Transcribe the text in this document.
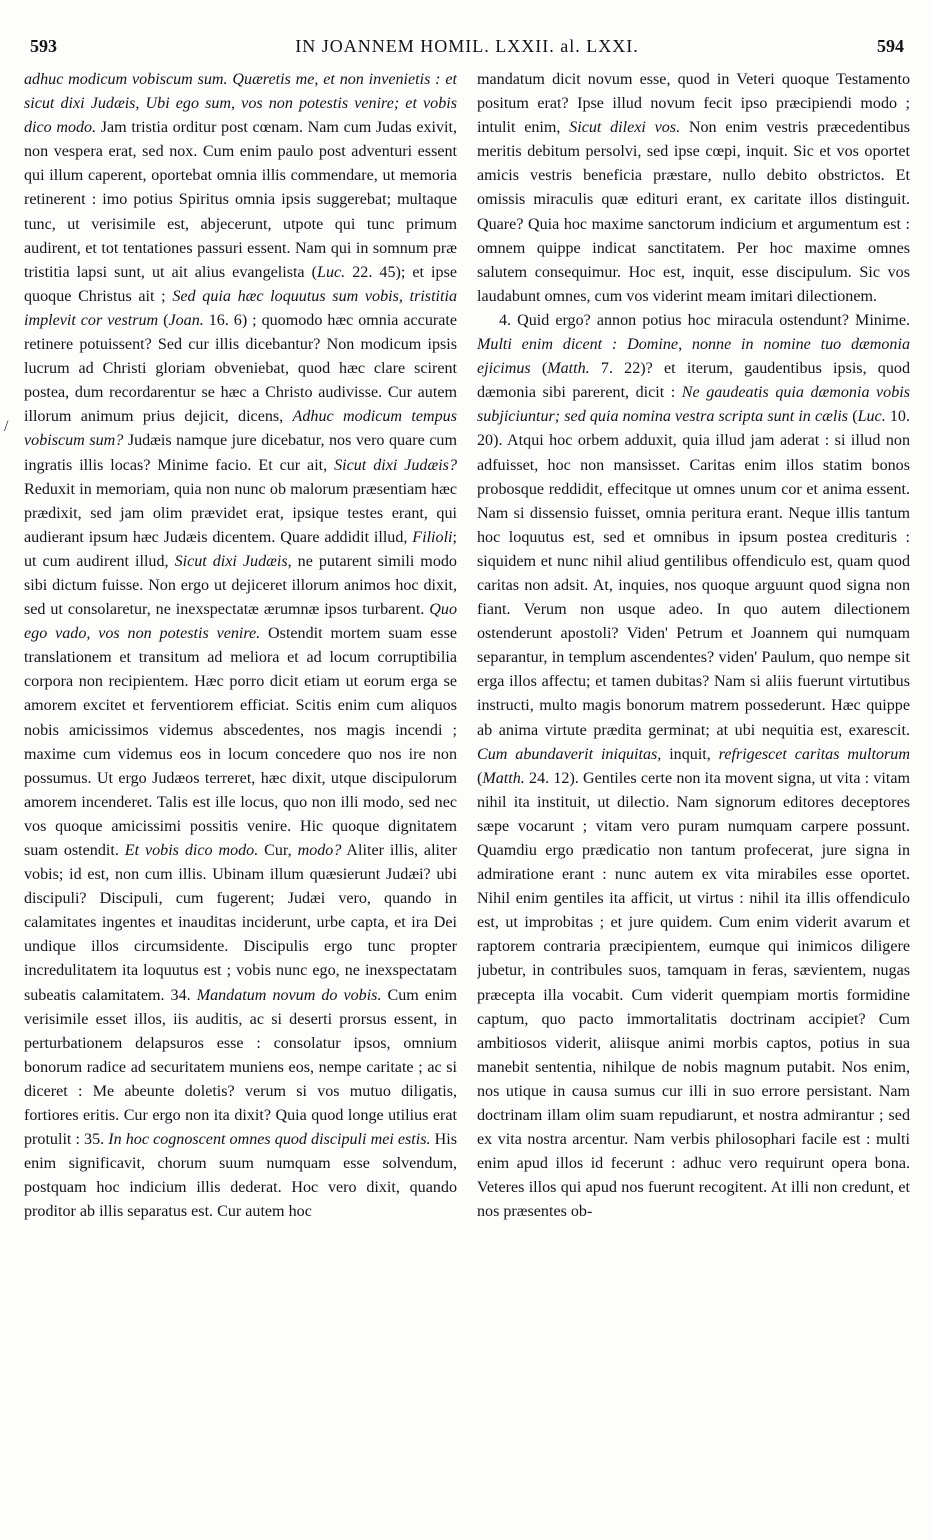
593	IN JOANNEM HOMIL. LXXII. al. LXXI.	594
/

adhuc modicum vobiscum sum. Quæretis me, et non invenietis : et sicut dixi Judæis, Ubi ego sum, vos non potestis venire; et vobis dico modo. Jam tristia orditur post cœnam. Nam cum Judas exivit, non vespera erat, sed nox. Cum enim paulo post adventuri essent qui illum caperent, oportebat omnia illis commendare, ut memoria retinerent : imo potius Spiritus omnia ipsis suggerebat; multaque tunc, ut verisimile est, abjecerunt, utpote qui tunc primum audirent, et tot tentationes passuri essent. Nam qui in somnum præ tristitia lapsi sunt, ut ait alius evangelista (Luc. 22. 45); et ipse quoque Christus ait ; Sed quia hæc loquutus sum vobis, tristitia implevit cor vestrum (Joan. 16. 6) ; quomodo hæc omnia accurate retinere potuissent? Sed cur illis dicebantur? Non modicum ipsis lucrum ad Christi gloriam obveniebat, quod hæc clare scirent postea, dum recordarentur se hæc a Christo audivisse. Cur autem illorum animum prius dejicit, dicens, Adhuc modicum tempus vobiscum sum? Judæis namque jure dicebatur, nos vero quare cum ingratis illis locas? Minime facio. Et cur ait, Sicut dixi Judæis? Reduxit in memoriam, quia non nunc ob malorum præsentiam hæc prædixit, sed jam olim prævidet erat, ipsique testes erant, qui audierant ipsum hæc Judæis dicentem. Quare addidit illud, Filioli; ut cum audirent illud, Sicut dixi Judæis, ne putarent simili modo sibi dictum fuisse. Non ergo ut dejiceret illorum animos hoc dixit, sed ut consolaretur, ne inexspectatæ ærumnæ ipsos turbarent. Quo ego vado, vos non potestis venire. Ostendit mortem suam esse translationem et transitum ad meliora et ad locum corruptibilia corpora non recipientem. Hæc porro dicit etiam ut eorum erga se amorem excitet et ferventiorem efficiat. Scitis enim cum aliquos nobis amicissimos videmus abscedentes, nos magis incendi ; maxime cum videmus eos in locum concedere quo nos ire non possumus. Ut ergo Judæos terreret, hæc dixit, utque discipulorum amorem incenderet. Talis est ille locus, quo non illi modo, sed nec vos quoque amicissimi possitis venire. Hic quoque dignitatem suam ostendit. Et vobis dico modo. Cur, modo? Aliter illis, aliter vobis; id est, non cum illis. Ubinam illum quæsierunt Judæi? ubi discipuli? Discipuli, cum fugerent; Judæi vero, quando in calamitates ingentes et inauditas inciderunt, urbe capta, et ira Dei undique illos circumsidente. Discipulis ergo tunc propter incredulitatem ita loquutus est ; vobis nunc ego, ne inexspectatam subeatis calamitatem. 34. Mandatum novum do vobis. Cum enim verisimile esset illos, iis auditis, ac si deserti prorsus essent, in perturbationem delapsuros esse : consolatur ipsos, omnium bonorum radice ad securitatem muniens eos, nempe caritate ; ac si diceret : Me abeunte doletis? verum si vos mutuo diligatis, fortiores eritis. Cur ergo non ita dixit? Quia quod longe utilius erat protulit : 35. In hoc cognoscent omnes quod discipuli mei estis. His enim significavit, chorum suum numquam esse solvendum, postquam hoc indicium illis dederat. Hoc vero dixit, quando proditor ab illis separatus est. Cur autem hoc

mandatum dicit novum esse, quod in Veteri quoque Testamento positum erat? Ipse illud novum fecit ipso præcipiendi modo ; intulit enim, Sicut dilexi vos. Non enim vestris præcedentibus meritis debitum persolvi, sed ipse cœpi, inquit. Sic et vos oportet amicis vestris beneficia præstare, nullo debito obstrictos. Et omissis miraculis quæ edituri erant, ex caritate illos distinguit. Quare? Quia hoc maxime sanctorum indicium et argumentum est : omnem quippe indicat sanctitatem. Per hoc maxime omnes salutem consequimur. Hoc est, inquit, esse discipulum. Sic vos laudabunt omnes, cum vos viderint meam imitari dilectionem.

4. Quid ergo? annon potius hoc miracula ostendunt? Minime. Multi enim dicent : Domine, nonne in nomine tuo dæmonia ejicimus (Matth. 7. 22)? et iterum, gaudentibus ipsis, quod dæmonia sibi parerent, dicit : Ne gaudeatis quia dæmonia vobis subjiciuntur; sed quia nomina vestra scripta sunt in cælis (Luc. 10. 20). Atqui hoc orbem adduxit, quia illud jam aderat : si illud non adfuisset, hoc non mansisset. Caritas enim illos statim bonos probosque reddidit, effecitque ut omnes unum cor et anima essent. Nam si dissensio fuisset, omnia peritura erant. Neque illis tantum hoc loquutus est, sed et omnibus in ipsum postea credituris : siquidem et nunc nihil aliud gentilibus offendiculo est, quam quod caritas non adsit. At, inquies, nos quoque arguunt quod signa non fiant. Verum non usque adeo. In quo autem dilectionem ostenderunt apostoli? Viden' Petrum et Joannem qui numquam separantur, in templum ascendentes? viden' Paulum, quo nempe sit erga illos affectu; et tamen dubitas? Nam si aliis fuerunt virtutibus instructi, multo magis bonorum matrem possederunt. Hæc quippe ab anima virtute prædita germinat; at ubi nequitia est, exarescit. Cum abundaverit iniquitas, inquit, refrigescet caritas multorum (Matth. 24. 12). Gentiles certe non ita movent signa, ut vita : vitam nihil ita instituit, ut dilectio. Nam signorum editores deceptores sæpe vocarunt ; vitam vero puram numquam carpere possunt. Quamdiu ergo prædicatio non tantum profecerat, jure signa in admiratione erant : nunc autem ex vita mirabiles esse oportet. Nihil enim gentiles ita afficit, ut virtus : nihil ita illis offendiculo est, ut improbitas ; et jure quidem. Cum enim viderit avarum et raptorem contraria præcipientem, eumque qui inimicos diligere jubetur, in contribules suos, tamquam in feras, sævientem, nugas præcepta illa vocabit. Cum viderit quempiam mortis formidine captum, quo pacto immortalitatis doctrinam accipiet? Cum ambitiosos viderit, aliisque animi morbis captos, potius in sua manebit sententia, nihilque de nobis magnum putabit. Nos enim, nos utique in causa sumus cur illi in suo errore persistant. Nam doctrinam illam olim suam repudiarunt, et nostra admirantur ; sed ex vita nostra arcentur. Nam verbis philosophari facile est : multi enim apud illos id fecerunt : adhuc vero requirunt opera bona. Veteres illos qui apud nos fuerunt recogitent. At illi non credunt, et nos præsentes ob-
